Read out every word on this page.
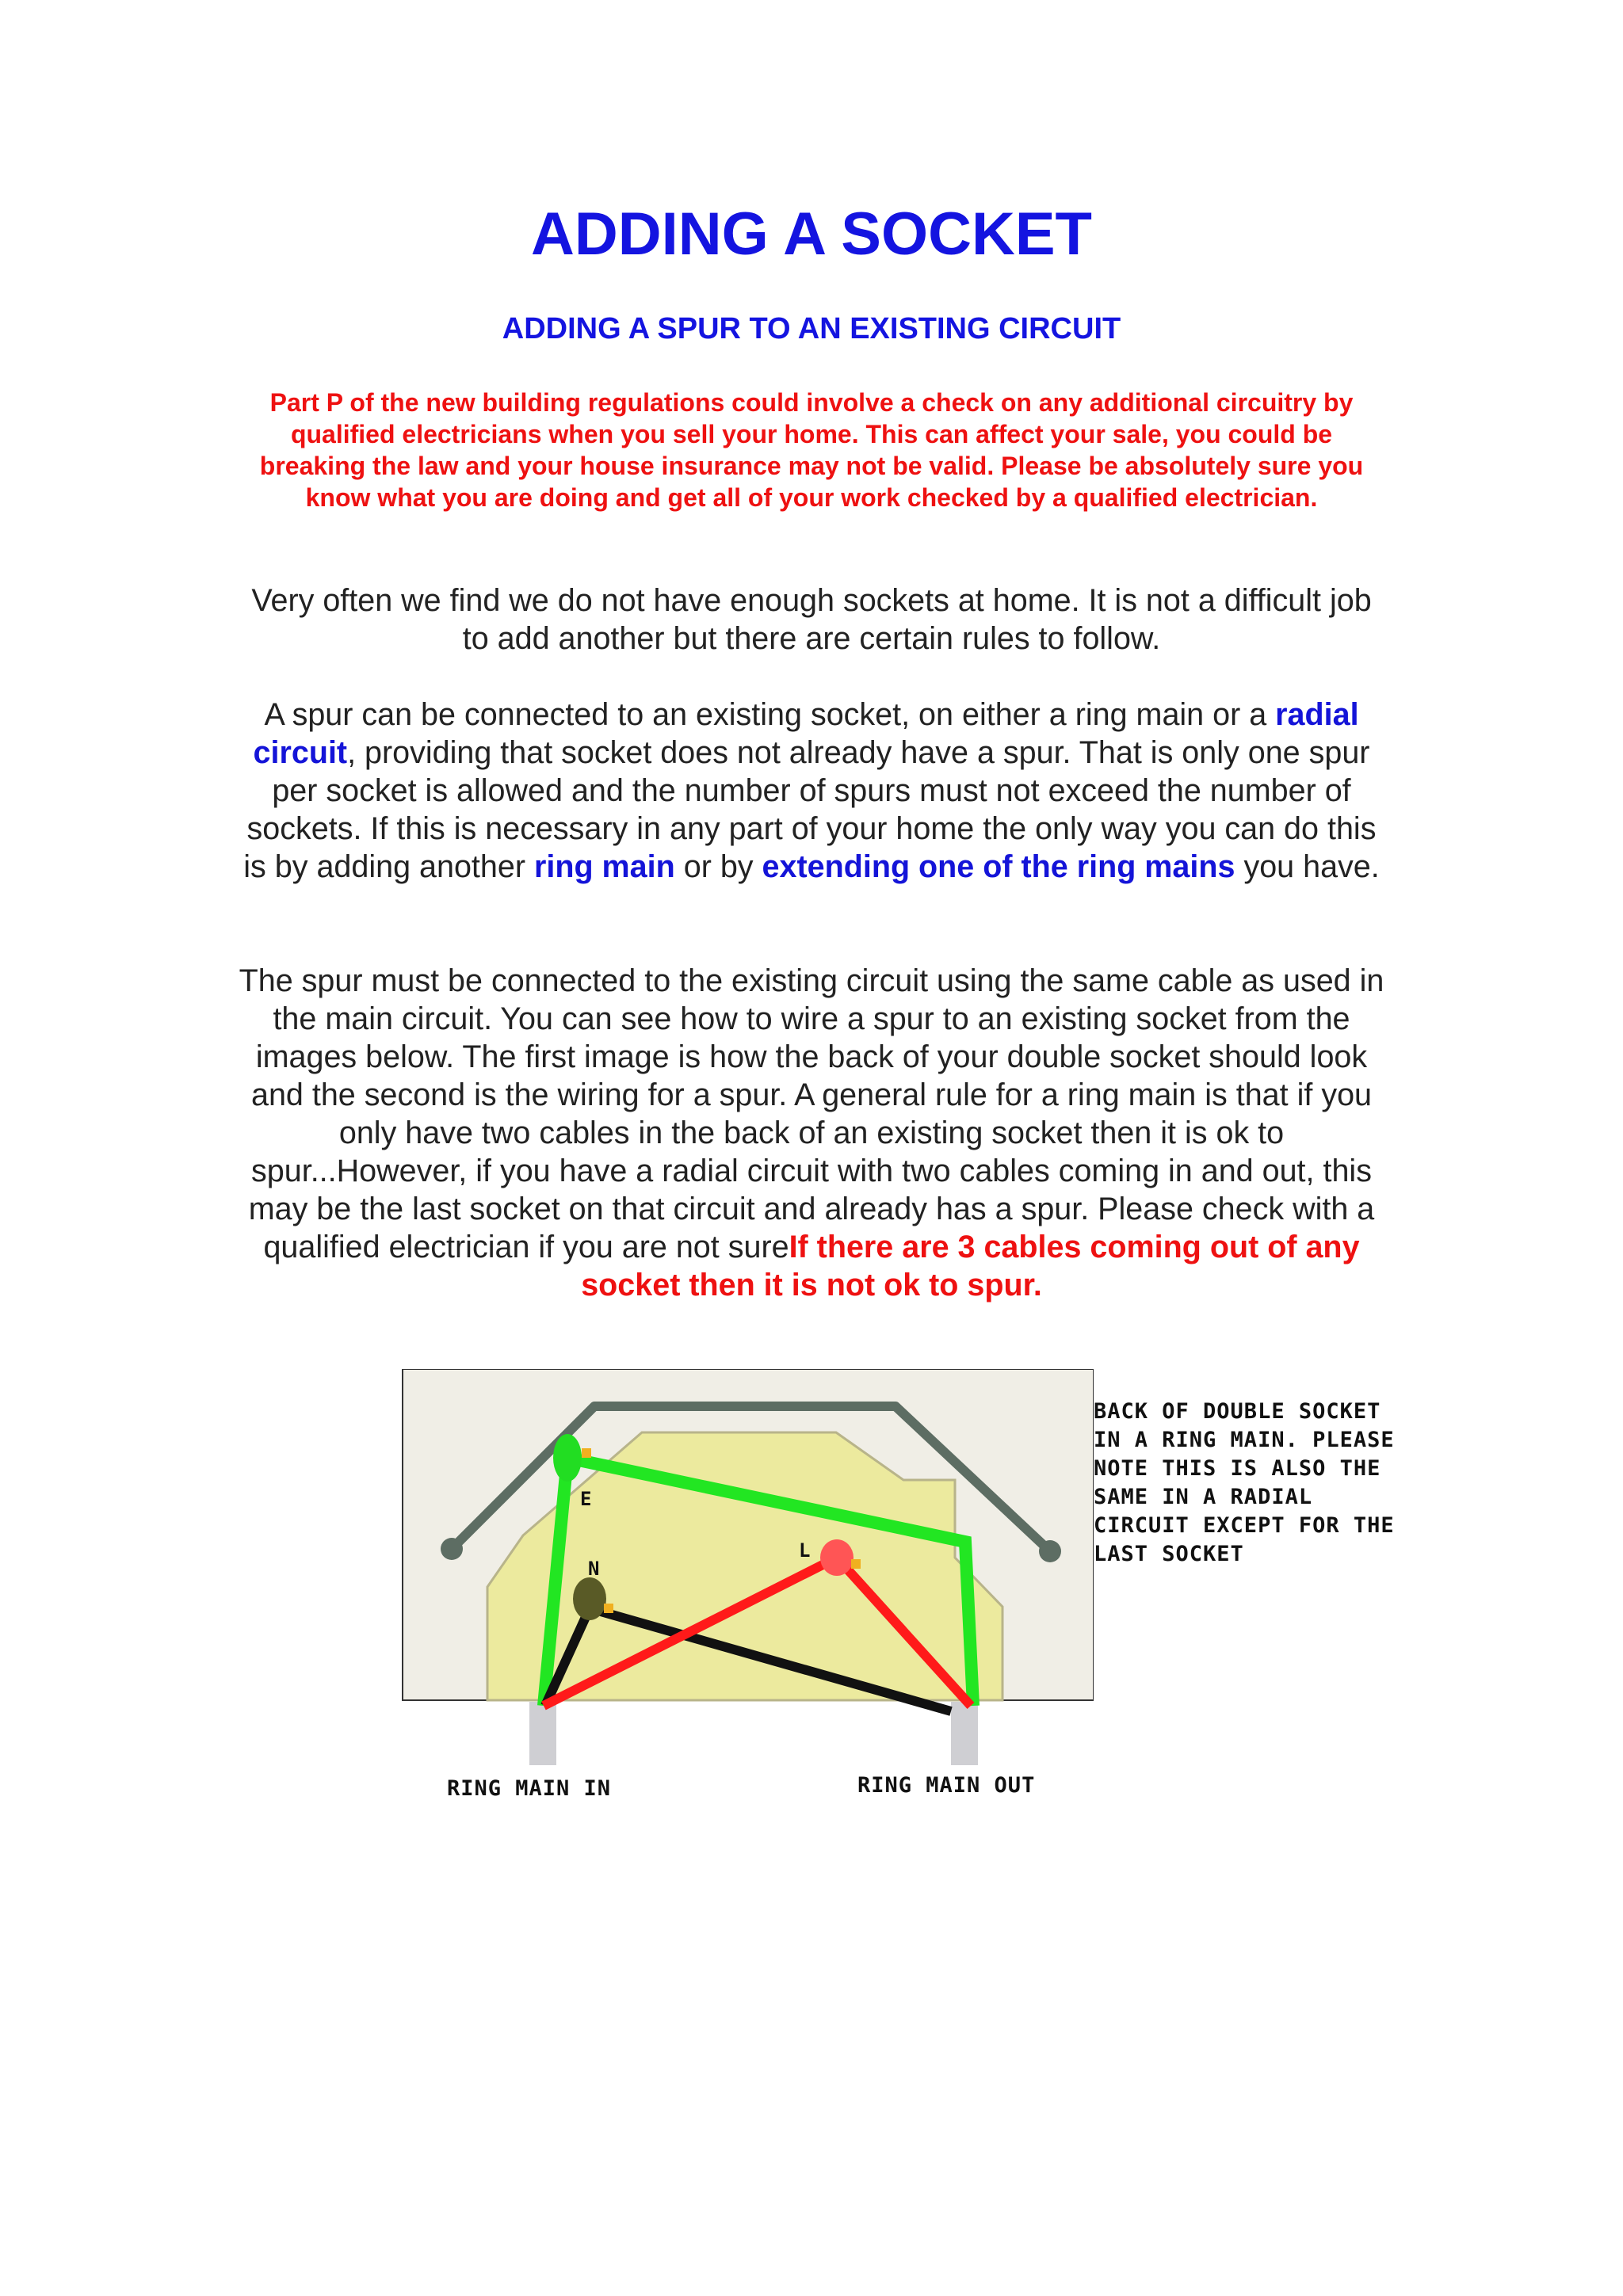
ADDING A SOCKET
ADDING A SPUR TO AN EXISTING CIRCUIT

Part P of the new building regulations could involve a check on any additional circuitry by qualified electricians when you sell your home. This can affect your sale, you could be breaking the law and your house insurance may not be valid. Please be absolutely sure you know what you are doing and get all of your work checked by a qualified electrician.

Very often we find we do not have enough sockets at home. It is not a difficult job to add another but there are certain rules to follow.

A spur can be connected to an existing socket, on either a ring main or a radial circuit, providing that socket does not already have a spur. That is only one spur per socket is allowed and the number of spurs must not exceed the number of sockets. If this is necessary in any part of your home the only way you can do this is by adding another ring main or by extending one of the ring mains you have.

The spur must be connected to the existing circuit using the same cable as used in the main circuit. You can see how to wire a spur to an existing socket from the images below. The first image is how the back of your double socket should look and the second is the wiring for a spur. A general rule for a ring main is that if you only have two cables in the back of an existing socket then it is ok to spur...However, if you have a radial circuit with two cables coming in and out, this may be the last socket on that circuit and already has a spur. Please check with a qualified electrician if you are not sureIf there are 3 cables coming out of any socket then it is not ok to spur.

E

N

L

BACK OF DOUBLE SOCKET IN A RING MAIN. PLEASE NOTE THIS IS ALSO THE SAME IN A RADIAL CIRCUIT EXCEPT FOR THE LAST SOCKET

RING MAIN IN	RING MAIN OUT
